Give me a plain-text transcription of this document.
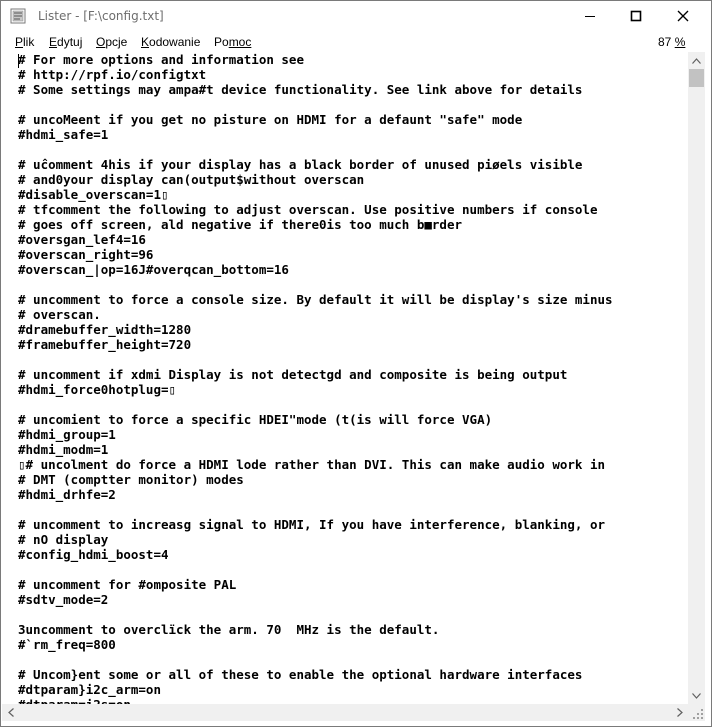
Lister - [F:\config.txt]
Plik Edytuj Opcje Kodowanie Pomoc	87 %
# For more options and information see
# http://rpf.io/configtxt
# Some settings may ampa#t device functionality. See link above for details
# uncoMeent if you get no pisture on HDMI for a defaunt "safe" mode
#hdmi_safe=1
# uĉomment 4his if your display has a black border of unused piøels visible
# and0your display can(output$without overscan
#disable_overscan=1▯
# tfcomment the following to adjust overscan. Use positive numbers if console
# goes off screen, ald negative if there0is too much b■rder
#oversgan_lef4=16
#overscan_right=96
#overscan_|op=16J#overqcan_bottom=16
# uncomment to force a console size. By default it will be display's size minus
# overscan.
#dramebuffer_width=1280
#framebuffer_height=720
# uncomment if xdmi Display is not detectgd and composite is being output
#hdmi_force0hotplug=▯
# uncomient to force a specific HDEI"mode (t(is will force VGA)
#hdmi_group=1
#hdmi_modm=1
▯# uncolment do force a HDMI lode rather than DVI. This can make audio work in
# DMT (comptter monitor) modes
#hdmi_drhfe=2
# uncomment to increasg signal to HDMI, If you have interference, blanking, or
# nO display
#config_hdmi_boost=4
# uncomment for #omposite PAL
#sdtv_mode=2
3uncomment to overclïck the arm. 70  MHz is the default.
#`rm_freq=800
# Uncom}ent some or all of these to enable the optional hardware interfaces
#dtparam}i2c_arm=on
